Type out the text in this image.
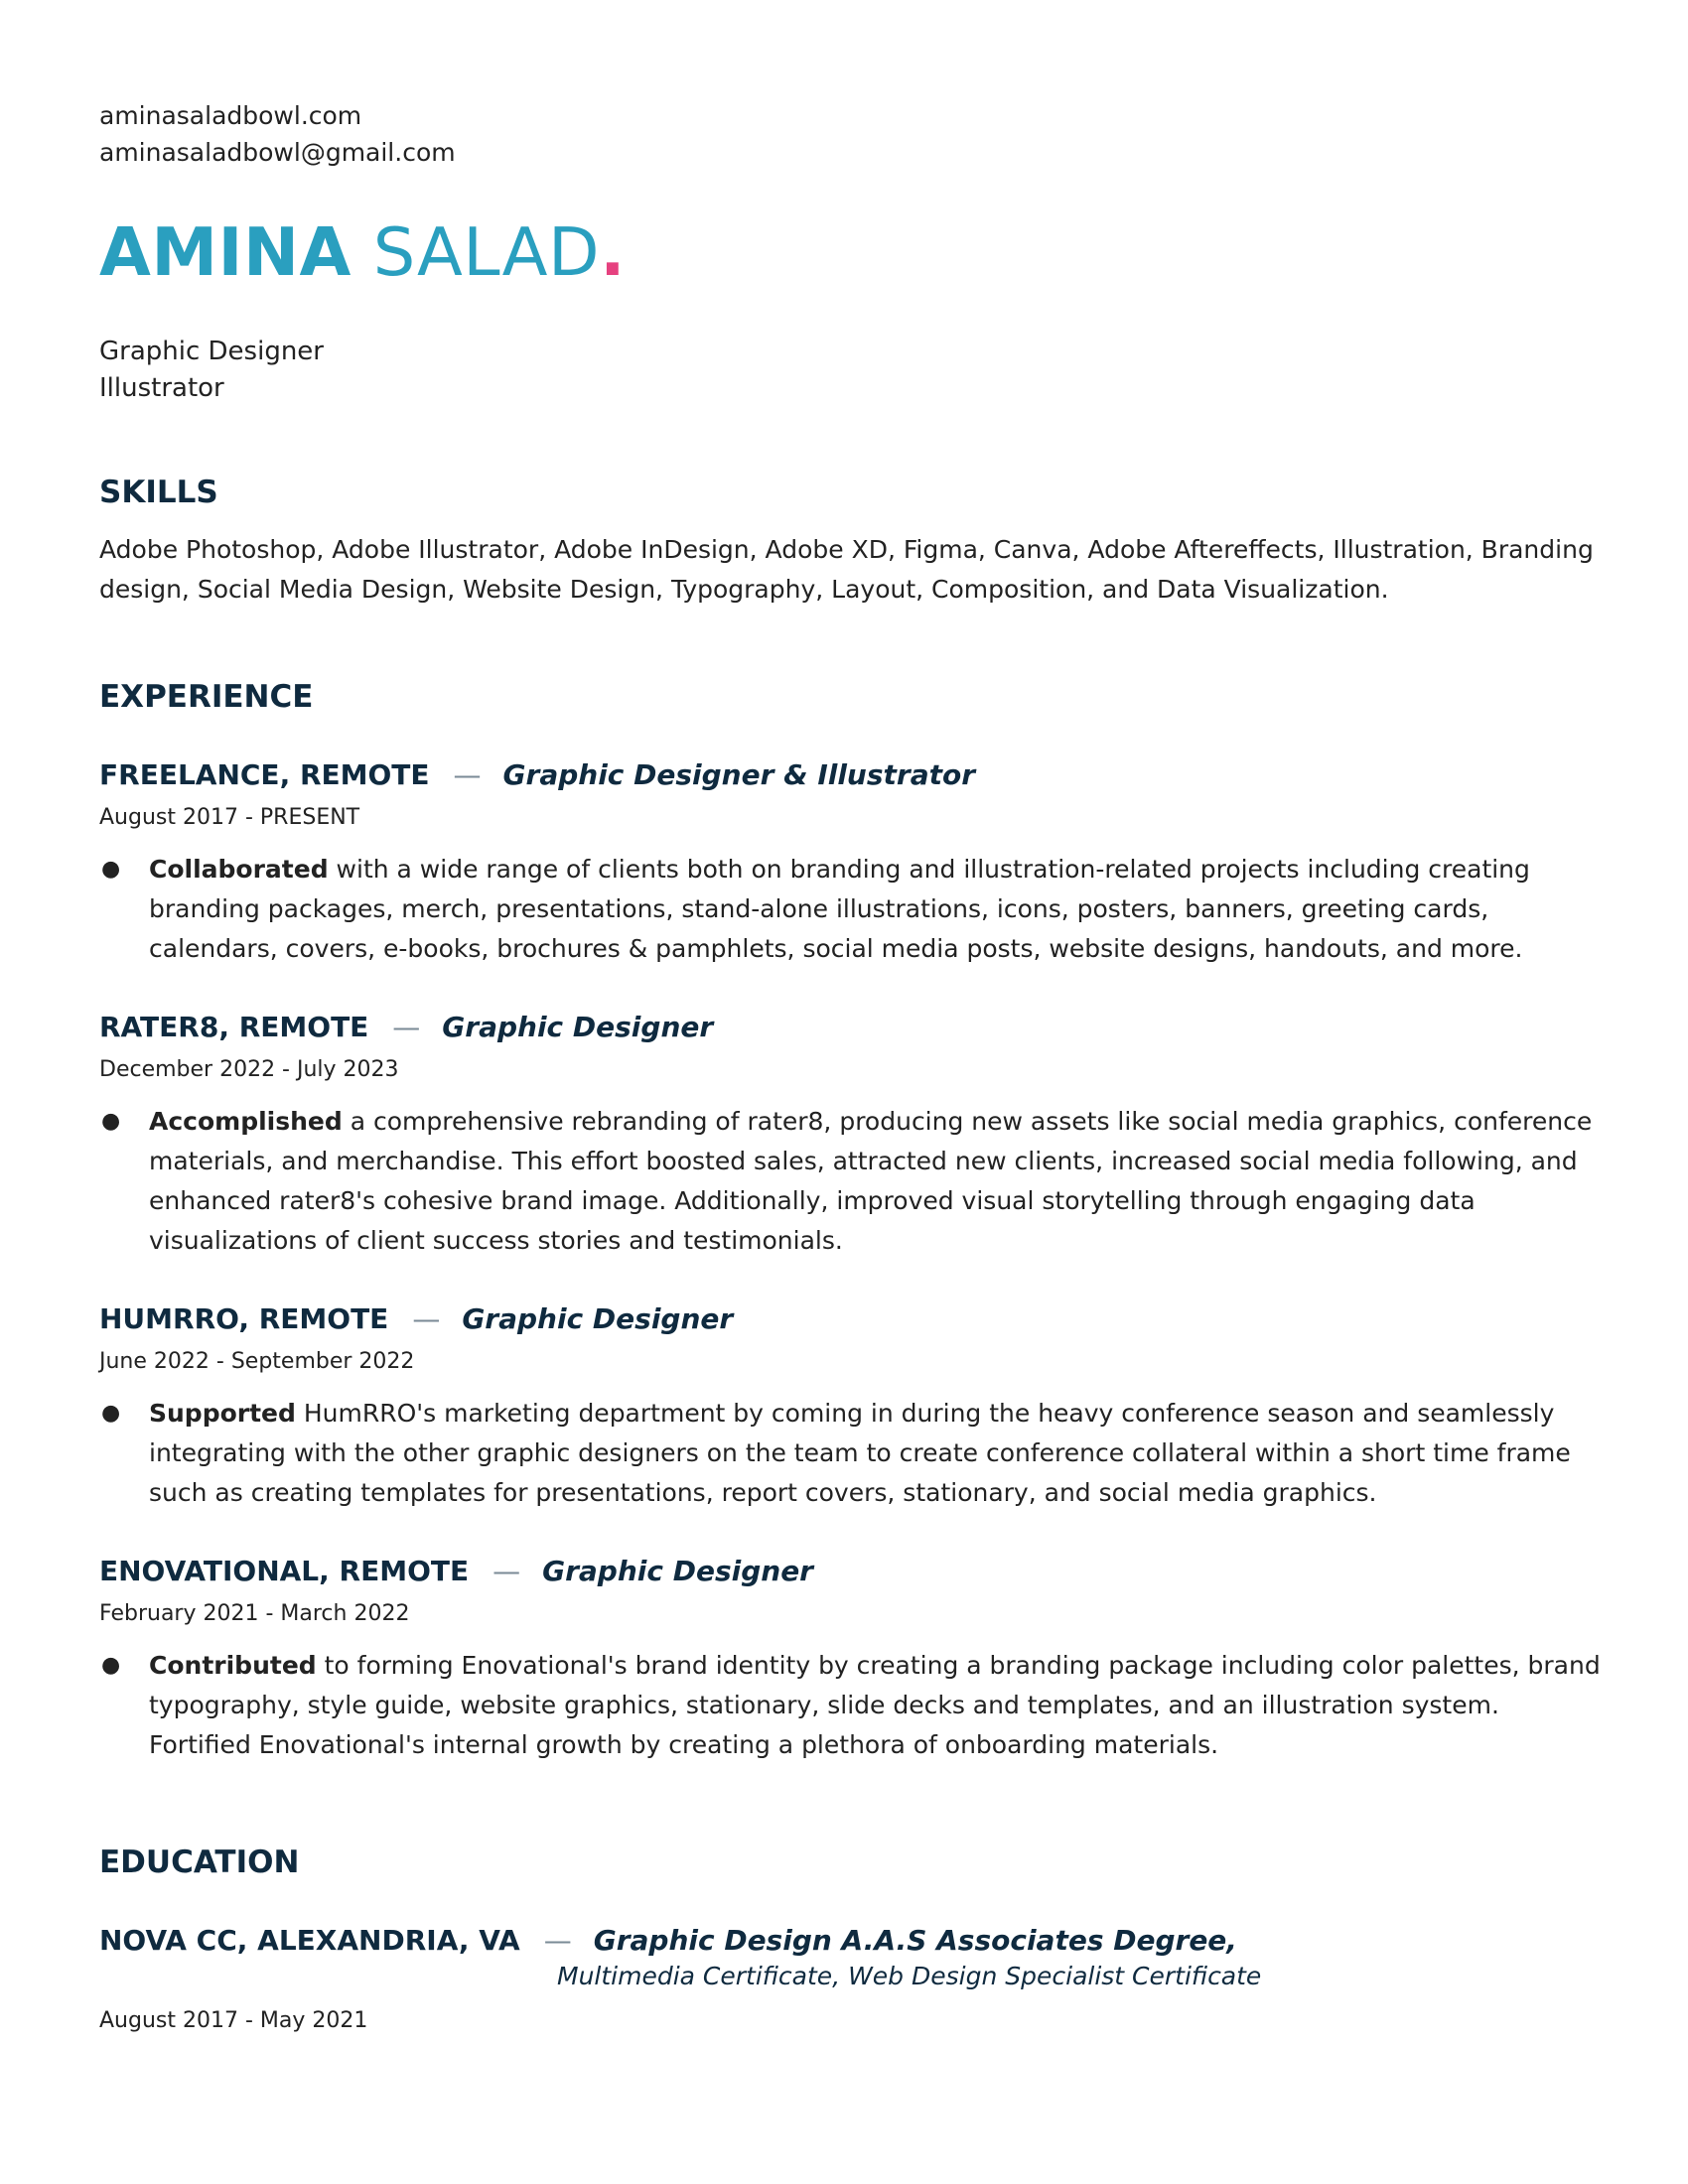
aminasaladbowl.com
aminasaladbowl@gmail.com
AMINA SALAD.
Graphic Designer
Illustrator
SKILLS
Adobe Photoshop, Adobe Illustrator, Adobe InDesign, Adobe XD, Figma, Canva, Adobe Aftereffects, Illustration, Branding design, Social Media Design, Website Design, Typography, Layout, Composition, and Data Visualization.
EXPERIENCE
FREELANCE, REMOTE — Graphic Designer & Illustrator
August 2017 - PRESENT
● Collaborated with a wide range of clients both on branding and illustration-related projects including creating branding packages, merch, presentations, stand-alone illustrations, icons, posters, banners, greeting cards, calendars, covers, e-books, brochures & pamphlets, social media posts, website designs, handouts, and more.
RATER8, REMOTE — Graphic Designer
December 2022 - July 2023
● Accomplished a comprehensive rebranding of rater8, producing new assets like social media graphics, conference materials, and merchandise. This effort boosted sales, attracted new clients, increased social media following, and enhanced rater8's cohesive brand image. Additionally, improved visual storytelling through engaging data visualizations of client success stories and testimonials.
HUMRRO, REMOTE — Graphic Designer
June 2022 - September 2022
● Supported HumRRO's marketing department by coming in during the heavy conference season and seamlessly integrating with the other graphic designers on the team to create conference collateral within a short time frame such as creating templates for presentations, report covers, stationary, and social media graphics.
ENOVATIONAL, REMOTE — Graphic Designer
February 2021 - March 2022
● Contributed to forming Enovational's brand identity by creating a branding package including color palettes, brand typography, style guide, website graphics, stationary, slide decks and templates, and an illustration system. Fortified Enovational's internal growth by creating a plethora of onboarding materials.
EDUCATION
NOVA CC, ALEXANDRIA, VA — Graphic Design A.A.S Associates Degree,
Multimedia Certificate, Web Design Specialist Certificate
August 2017 - May 2021
